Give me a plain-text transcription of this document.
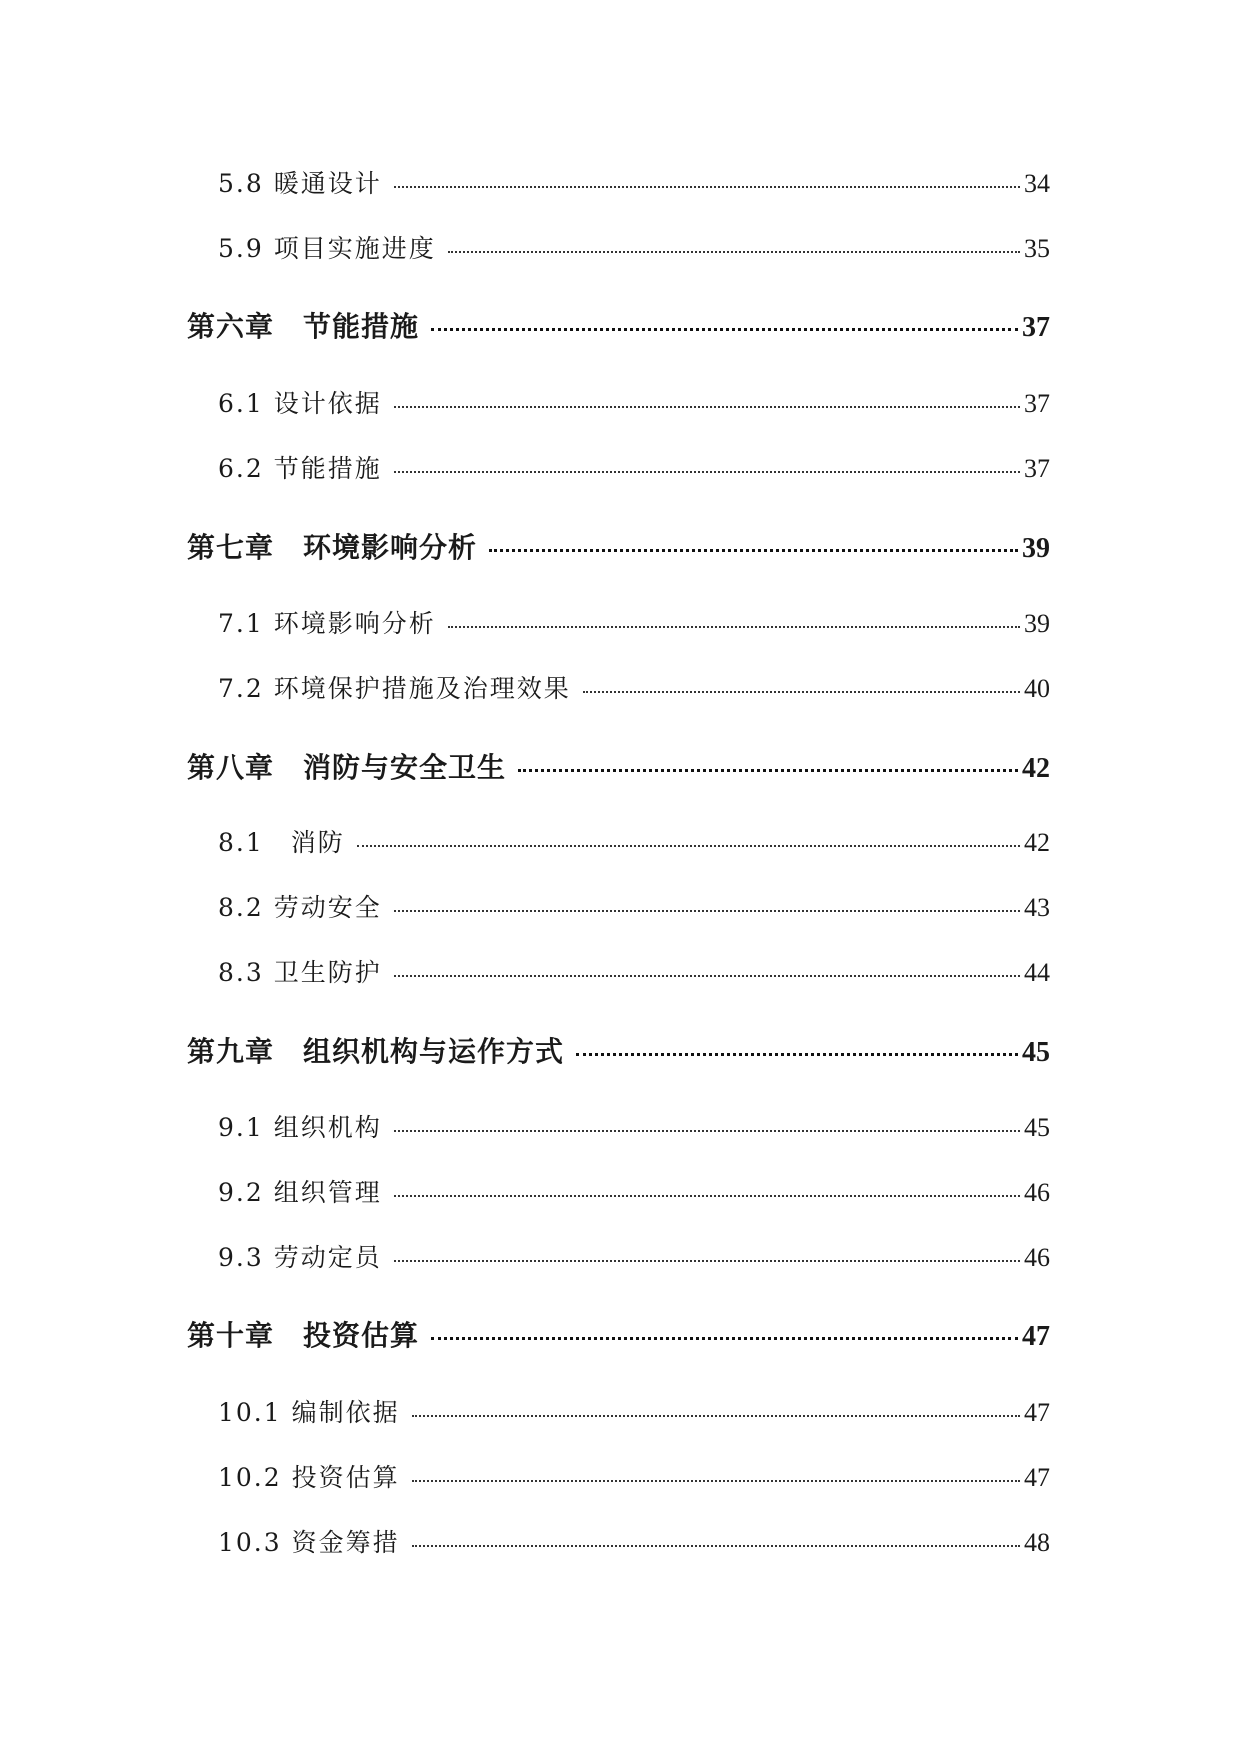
5.8 暖通设计	34
5.9 项目实施进度	35
第六章　节能措施	37
6.1 设计依据	37
6.2 节能措施	37
第七章　环境影响分析	39
7.1 环境影响分析	39
7.2 环境保护措施及治理效果	40
第八章　消防与安全卫生	42
8.1　消防	42
8.2 劳动安全	43
8.3 卫生防护	44
第九章　组织机构与运作方式	45
9.1 组织机构	45
9.2 组织管理	46
9.3 劳动定员	46
第十章　投资估算	47
10.1 编制依据	47
10.2 投资估算	47
10.3 资金筹措	48
